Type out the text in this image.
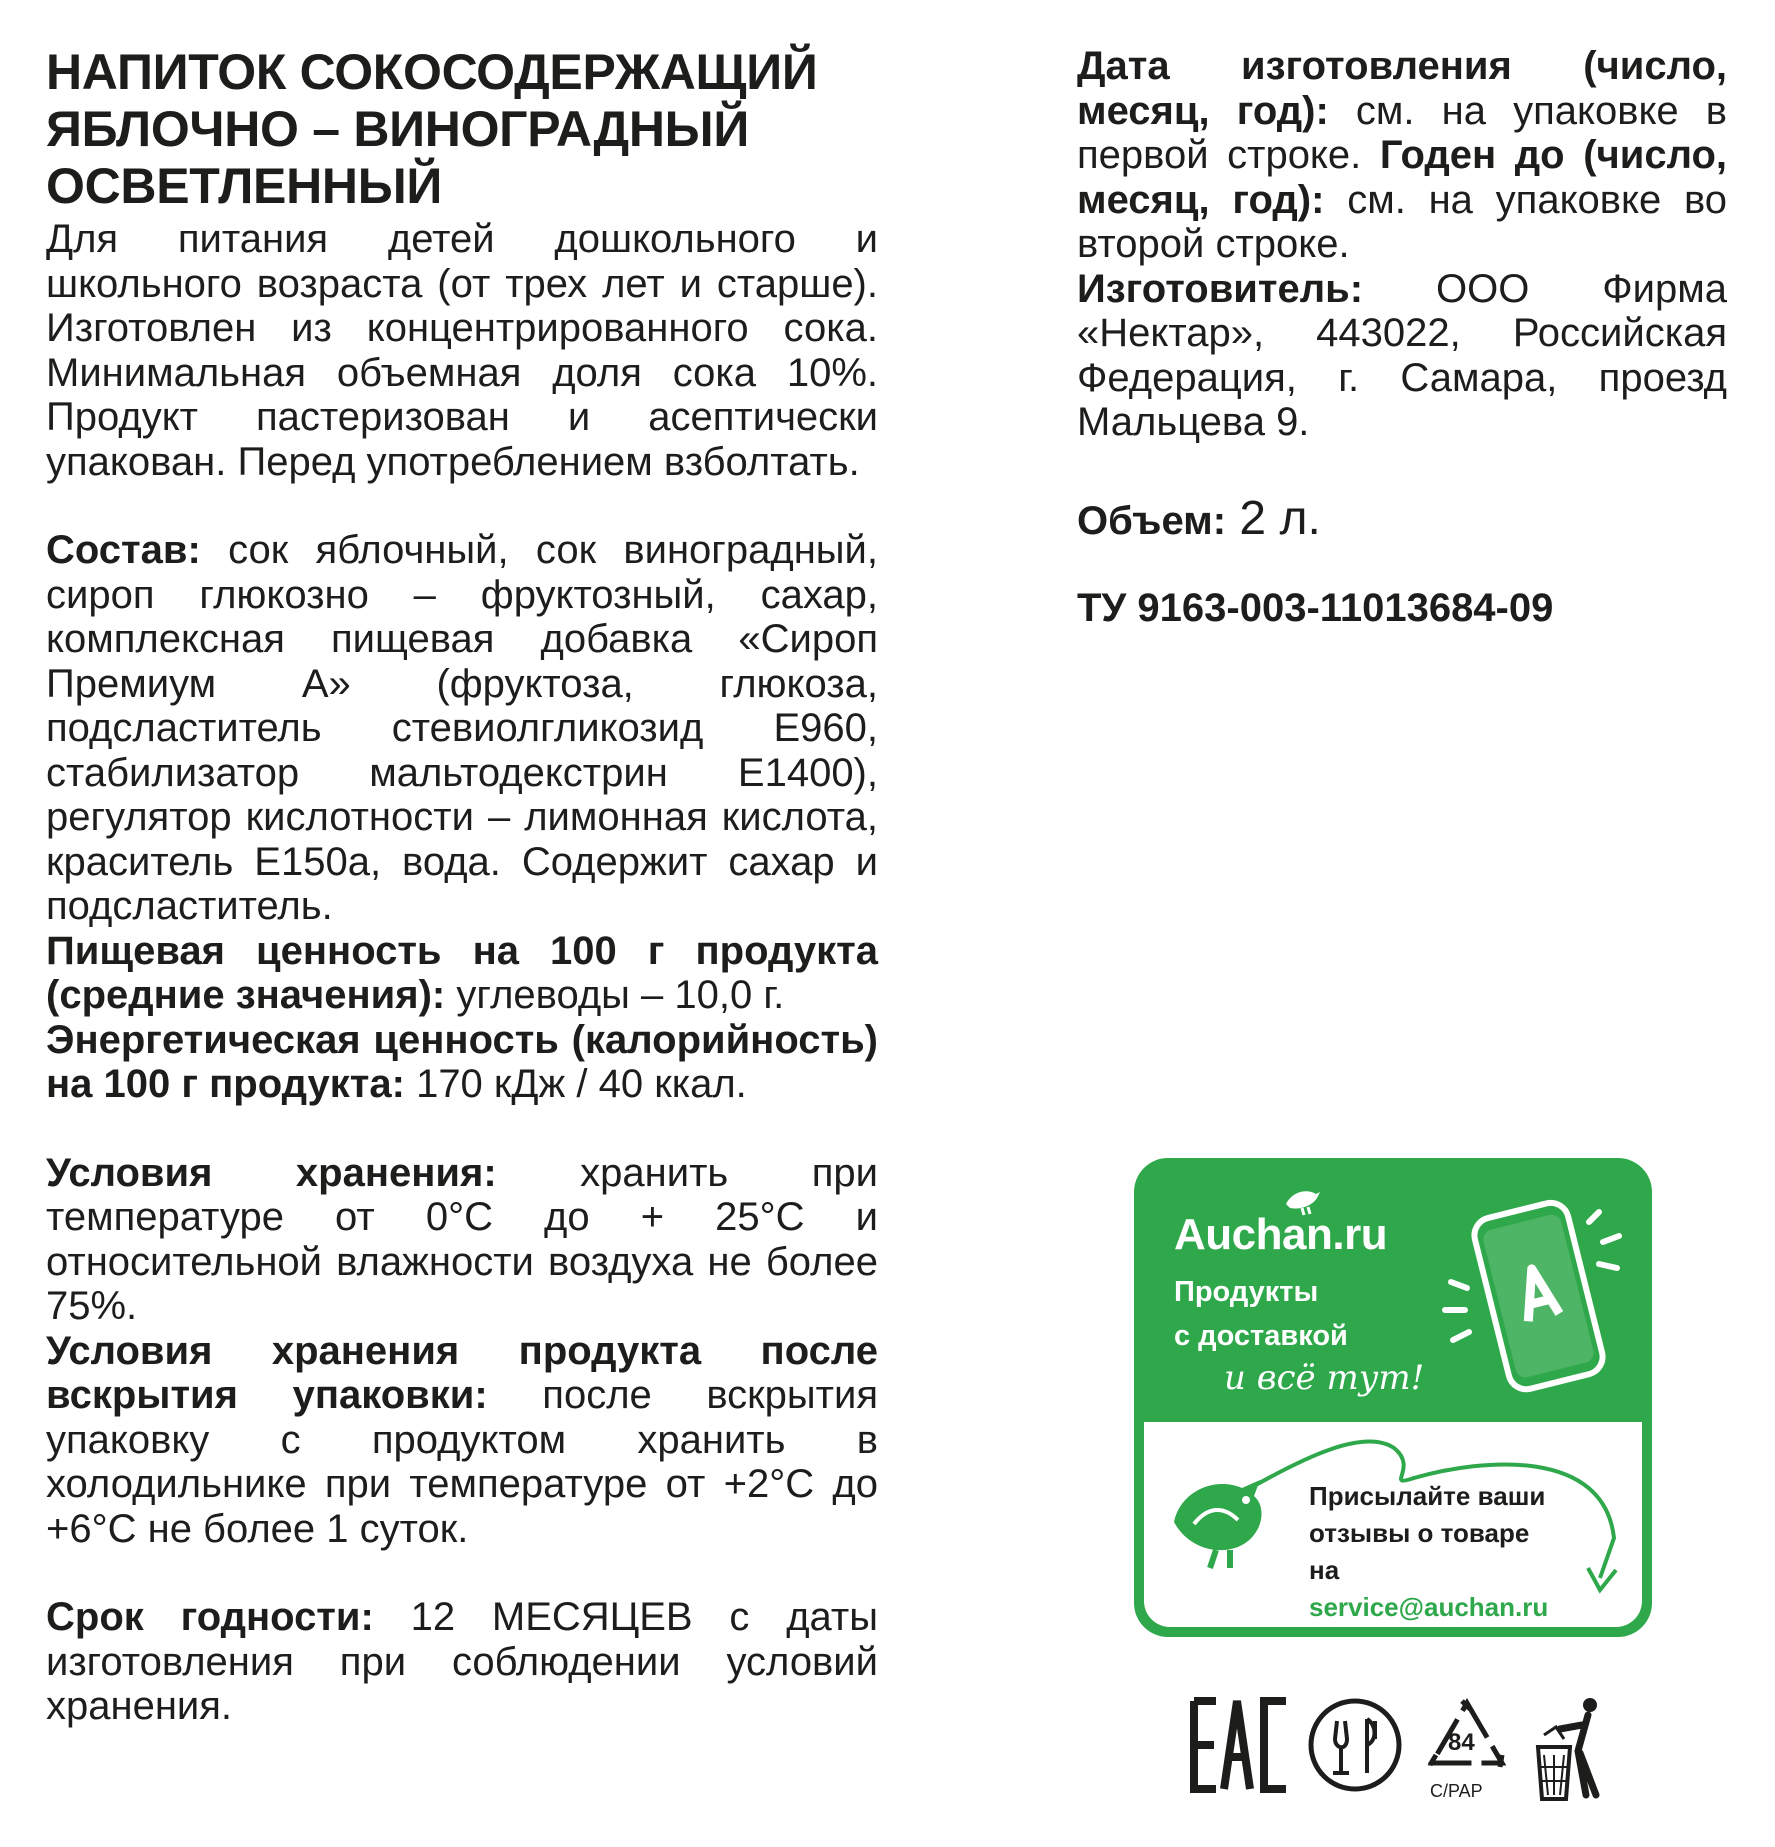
НАПИТОК СОКОСОДЕРЖАЩИЙ
ЯБЛОЧНО – ВИНОГРАДНЫЙ
ОСВЕТЛЕННЫЙ

Для питания детей дошкольного и школьного возраста (от трех лет и старше). Изготовлен из концентрированного сока. Минимальная объемная доля сока 10%. Продукт пастеризован и асептически упакован. Перед употреблением взболтать.

Состав: сок яблочный, сок виноградный, сироп глюкозно – фруктозный, сахар, комплексная пищевая добавка «Сироп Премиум А» (фруктоза, глюкоза, подсластитель стевиолгликозид Е960, стабилизатор мальтодекстрин Е1400), регулятор кислотности – лимонная кислота, краситель Е150а, вода. Содержит сахар и подсластитель.

Пищевая ценность на 100 г продукта (средние значения): углеводы – 10,0 г.

Энергетическая ценность (калорийность) на 100 г продукта: 170 кДж / 40 ккал.

Условия хранения: хранить при температуре от 0°С до + 25°С и относительной влажности воздуха не более 75%.

Условия хранения продукта после вскрытия упаковки: после вскрытия упаковку с продуктом хранить в холодильнике при температуре от +2°С до +6°С не более 1 суток.

Срок годности: 12 МЕСЯЦЕВ с даты изготовления при соблюдении условий хранения.

Дата изготовления (число, месяц, год): см. на упаковке в первой строке. Годен до (число, месяц, год): см. на упаковке во второй строке.

Изготовитель: ООО Фирма «Нектар», 443022, Российская Федерация, г. Самара, проезд Мальцева 9.

Объем: 2 л.
ТУ 9163-003-11013684-09
Auchan.ru
Продукты
с доставкой
и всё тут!
Присылайте ваши
отзывы о товаре
на
service@auchan.ru
84
C/PAP
